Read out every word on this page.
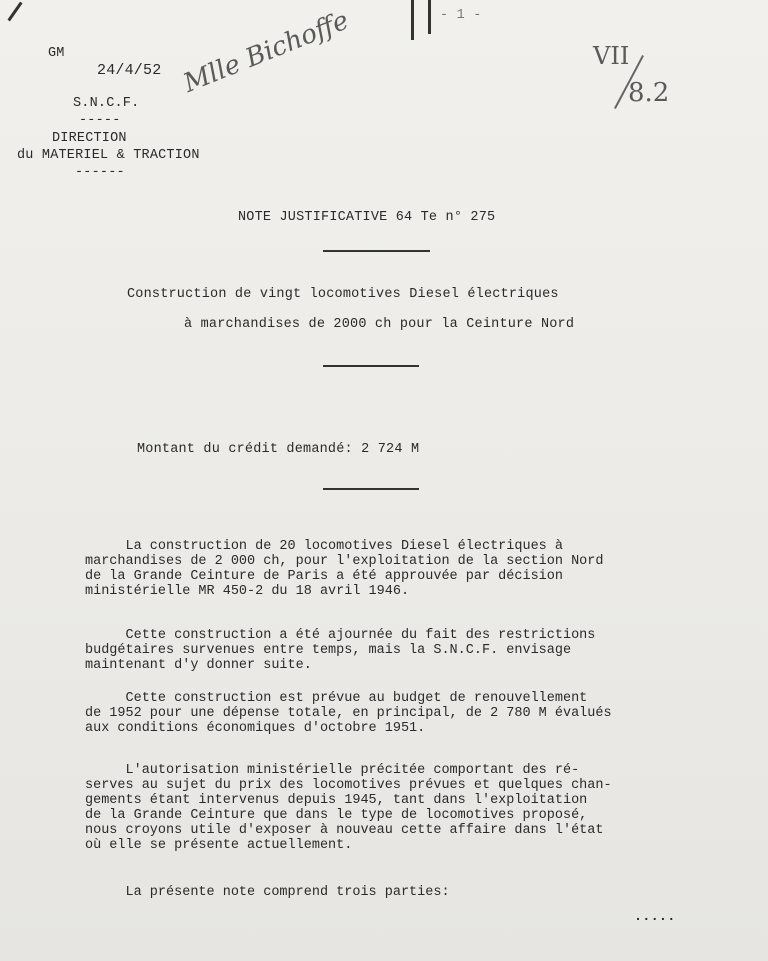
- 1 -
GM
24/4/52
S.N.C.F.
-----
DIRECTION
du MATERIEL & TRACTION
------
Mlle Bichoffe	VII
8.2
NOTE JUSTIFICATIVE 64 Te n° 275
Construction de vingt locomotives Diesel électriques
à marchandises de 2000 ch pour la Ceinture Nord
Montant du crédit demandé: 2 724 M
La construction de 20 locomotives Diesel électriques à
marchandises de 2 000 ch, pour l'exploitation de la section Nord
de la Grande Ceinture de Paris a été approuvée par décision
ministérielle MR 450-2 du 18 avril 1946.
Cette construction a été ajournée du fait des restrictions
budgétaires survenues entre temps, mais la S.N.C.F. envisage
maintenant d'y donner suite.
Cette construction est prévue au budget de renouvellement
de 1952 pour une dépense totale, en principal, de 2 780 M évalués
aux conditions économiques d'octobre 1951.
L'autorisation ministérielle précitée comportant des ré-
serves au sujet du prix des locomotives prévues et quelques chan-
gements étant intervenus depuis 1945, tant dans l'exploitation
de la Grande Ceinture que dans le type de locomotives proposé,
nous croyons utile d'exposer à nouveau cette affaire dans l'état
où elle se présente actuellement.
La présente note comprend trois parties:
.....
